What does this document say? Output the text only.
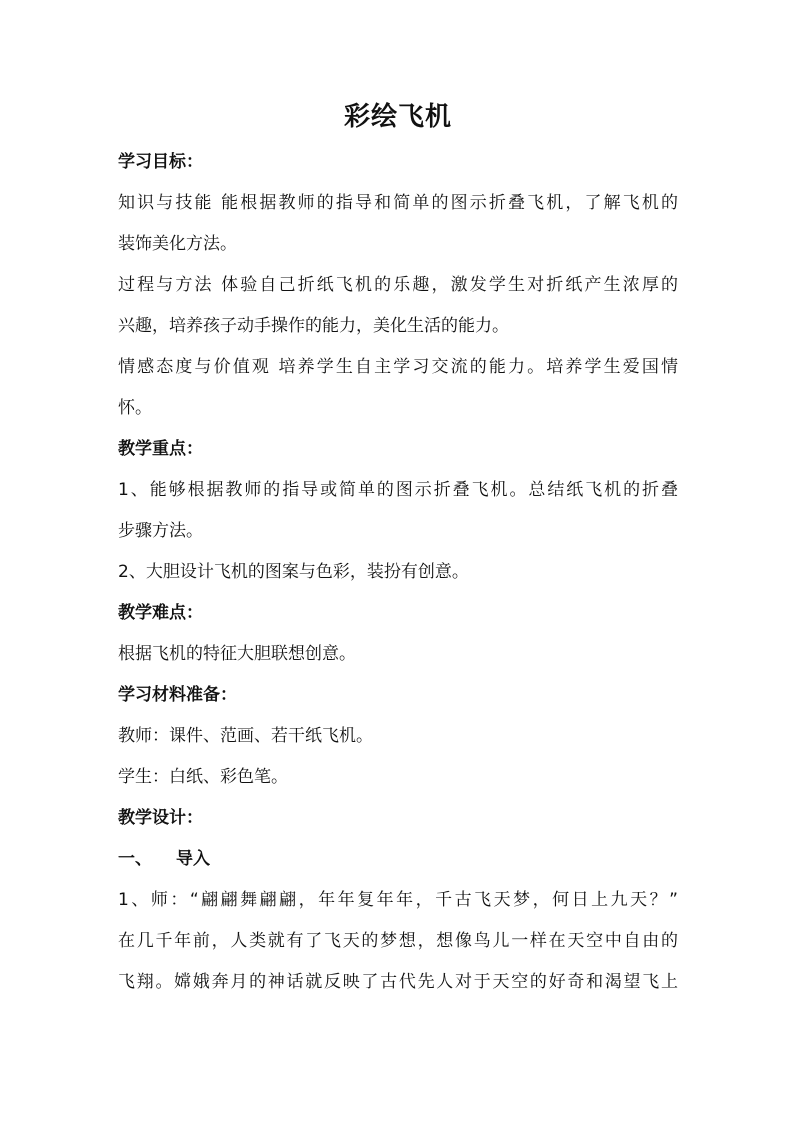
彩绘飞机
学习目标：
知识与技能 能根据教师的指导和简单的图示折叠飞机，了解飞机的
装饰美化方法。
过程与方法 体验自己折纸飞机的乐趣，激发学生对折纸产生浓厚的
兴趣，培养孩子动手操作的能力，美化生活的能力。
情感态度与价值观 培养学生自主学习交流的能力。培养学生爱国情
怀。
教学重点：
1、能够根据教师的指导或简单的图示折叠飞机。总结纸飞机的折叠
步骤方法。
2、大胆设计飞机的图案与色彩，装扮有创意。
教学难点：
根据飞机的特征大胆联想创意。
学习材料准备：
教师：课件、范画、若干纸飞机。
学生：白纸、彩色笔。
教学设计：
一、 导入
1、师：“翩翩舞翩翩，年年复年年，千古飞天梦，何日上九天？”
在几千年前，人类就有了飞天的梦想，想像鸟儿一样在天空中自由的
飞翔。嫦娥奔月的神话就反映了古代先人对于天空的好奇和渴望飞上
